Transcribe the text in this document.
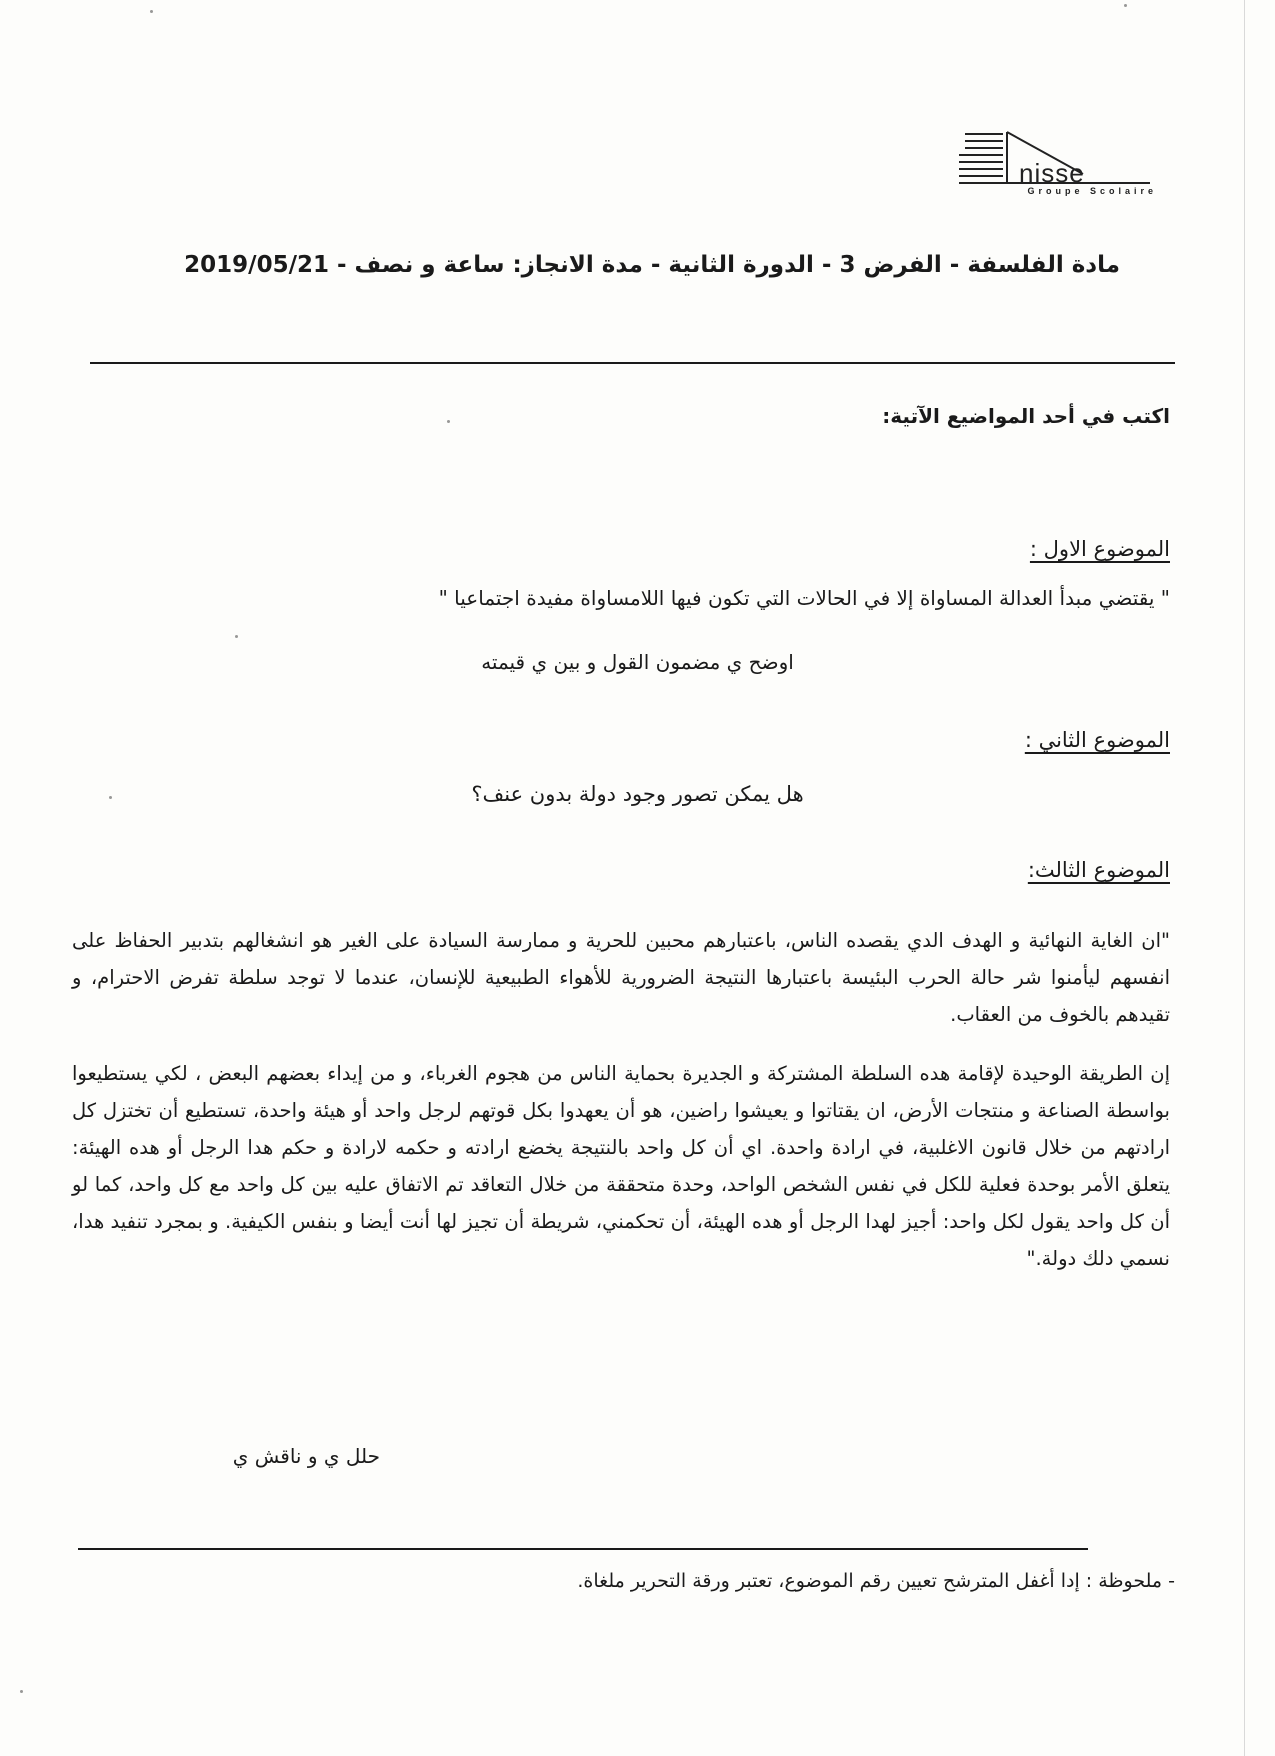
nisse
Groupe Scolaire
مادة الفلسفة - الفرض 3 - الدورة الثانية - مدة الانجاز: ساعة و نصف - 2019/05/21
اكتب في أحد المواضيع الآتية:
الموضوع الاول :
" يقتضي مبدأ العدالة المساواة إلا في الحالات التي تكون فيها اللامساواة مفيدة اجتماعيا "
اوضح ي مضمون القول و بين ي قيمته
الموضوع الثاني :
هل يمكن تصور وجود دولة بدون عنف؟
الموضوع الثالث:

"ان الغاية النهائية و الهدف الدي يقصده الناس، باعتبارهم محبين للحرية و ممارسة السيادة على الغير هو انشغالهم بتدبير الحفاظ على انفسهم ليأمنوا شر حالة الحرب البئيسة باعتبارها النتيجة الضرورية للأهواء الطبيعية للإنسان، عندما لا توجد سلطة تفرض الاحترام، و تقيدهم بالخوف من العقاب.

إن الطريقة الوحيدة لإقامة هده السلطة المشتركة و الجديرة بحماية الناس من هجوم الغرباء، و من إيداء بعضهم البعض ، لكي يستطيعوا بواسطة الصناعة و منتجات الأرض، ان يقتاتوا و يعيشوا راضين، هو أن يعهدوا بكل قوتهم لرجل واحد أو هيئة واحدة، تستطيع أن تختزل كل ارادتهم من خلال قانون الاغلبية، في ارادة واحدة. اي أن كل واحد بالنتيجة يخضع ارادته و حكمه لارادة و حكم هدا الرجل أو هده الهيئة: يتعلق الأمر بوحدة فعلية للكل في نفس الشخص الواحد، وحدة متحققة من خلال التعاقد تم الاتفاق عليه بين كل واحد مع كل واحد، كما لو أن كل واحد يقول لكل واحد: أجيز لهدا الرجل أو هده الهيئة، أن تحكمني، شريطة أن تجيز لها أنت أيضا و بنفس الكيفية. و بمجرد تنفيد هدا، نسمي دلك دولة."

حلل ي و ناقش ي
- ملحوظة : إدا أغفل المترشح تعيين رقم الموضوع، تعتبر ورقة التحرير ملغاة.
